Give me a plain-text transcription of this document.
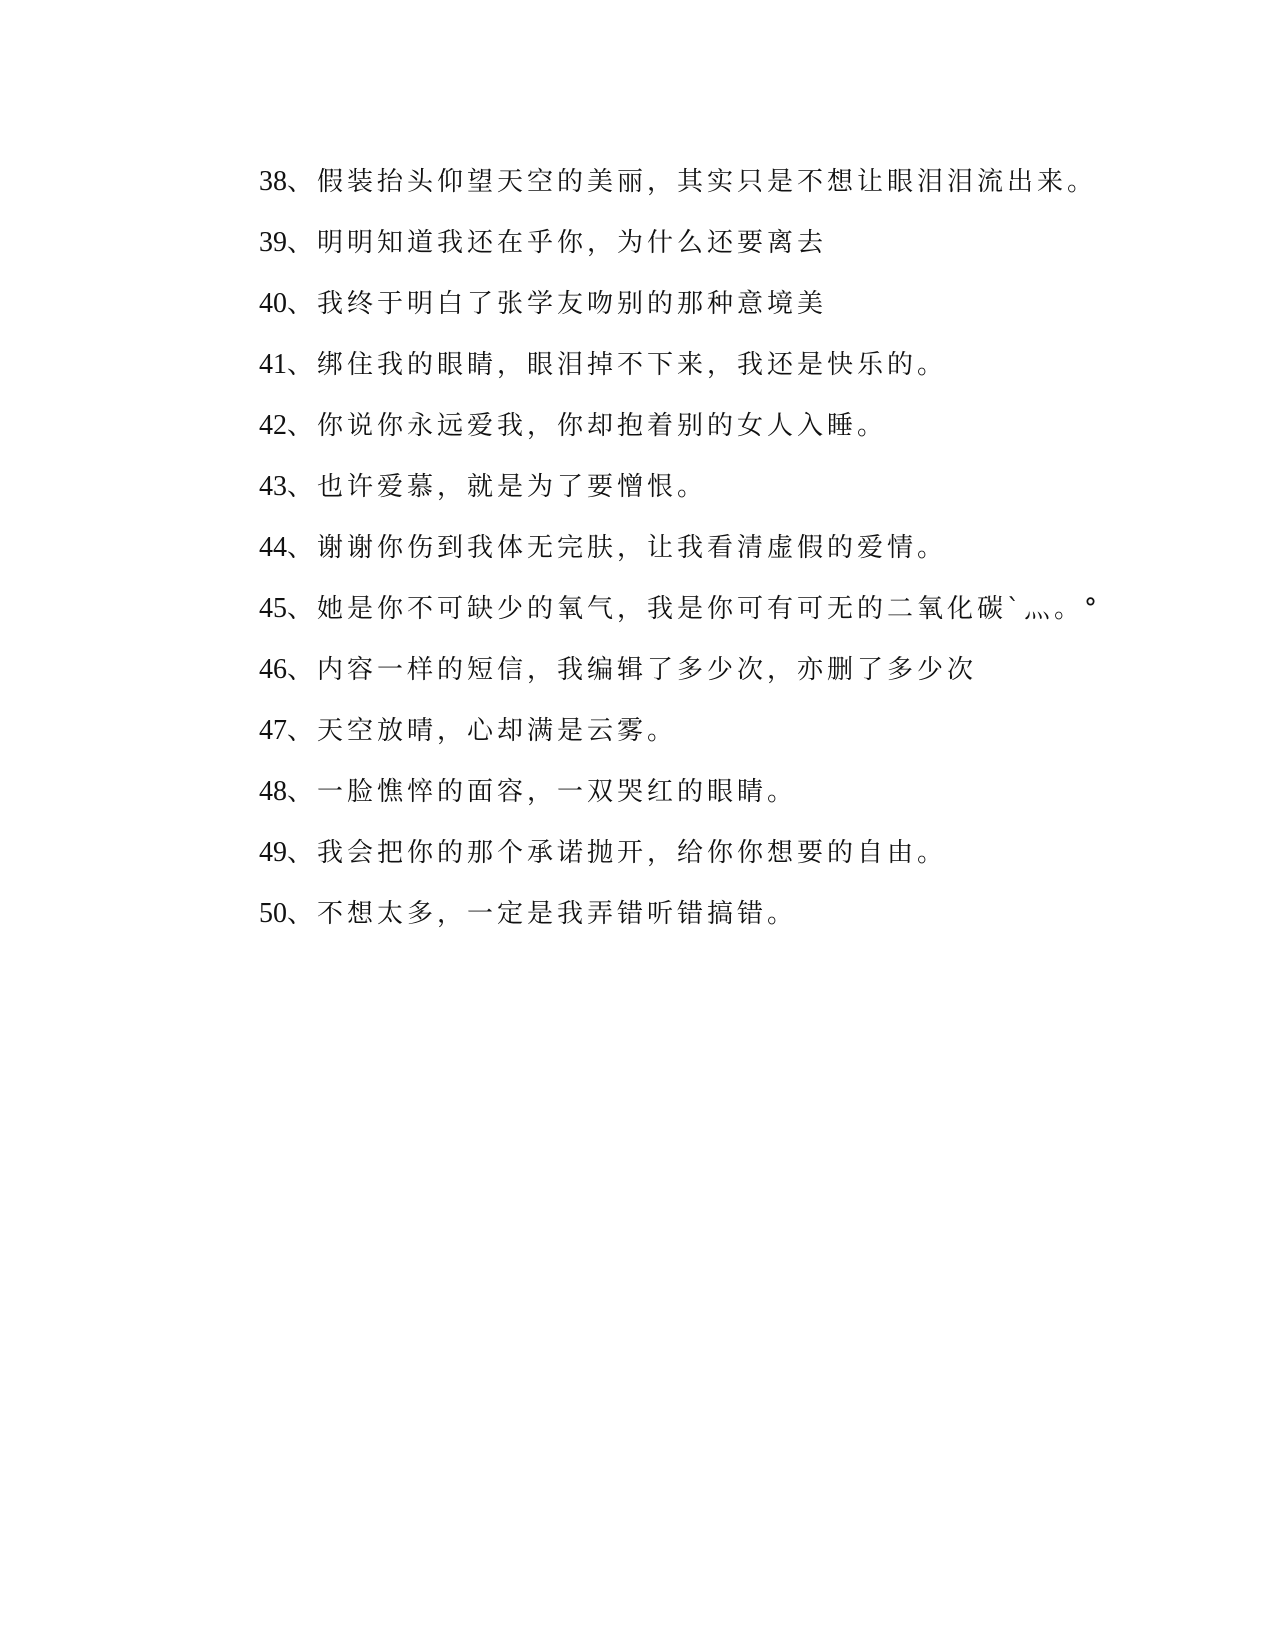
38、假装抬头仰望天空的美丽，其实只是不想让眼泪泪流出来。
39、明明知道我还在乎你，为什么还要离去
40、我终于明白了张学友吻别的那种意境美
41、绑住我的眼睛，眼泪掉不下来，我还是快乐的。
42、你说你永远爱我，你却抱着别的女人入睡。
43、也许爱慕，就是为了要憎恨。
44、谢谢你伤到我体无完肤，让我看清虚假的爱情。
45、她是你不可缺少的氧气，我是你可有可无的二氧化碳`灬。°
46、内容一样的短信，我编辑了多少次，亦删了多少次
47、天空放晴，心却满是云雾。
48、一脸憔悴的面容，一双哭红的眼睛。
49、我会把你的那个承诺抛开，给你你想要的自由。
50、不想太多，一定是我弄错听错搞错。
